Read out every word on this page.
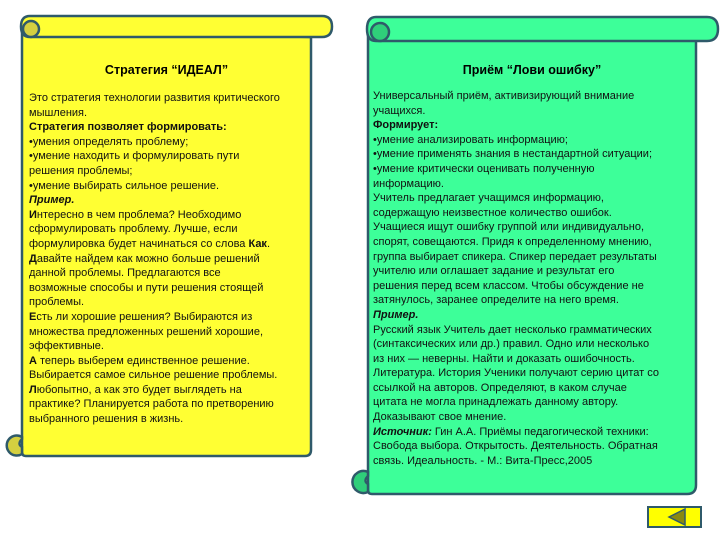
Стратегия “ИДЕАЛ”
Это стратегия технологии развития критического
мышления.
Стратегия позволяет формировать:
•умения определять проблему;
•умение находить и формулировать пути
решения проблемы;
•умение выбирать сильное решение.
Пример.
Интересно в чем проблема? Необходимо
сформулировать проблему. Лучше, если
формулировка будет начинаться со слова Как.
Давайте найдем как можно больше решений
данной проблемы. Предлагаются все
возможные способы и пути решения стоящей
проблемы.
Есть ли хорошие решения? Выбираются из
множества предложенных решений хорошие,
эффективные.
А теперь выберем единственное решение.
Выбирается самое сильное решение проблемы.
Любопытно, а как это будет выглядеть на
практике? Планируется работа по претворению
выбранного решения в жизнь.
Приём “Лови ошибку”
Универсальный приём, активизирующий внимание
учащихся.
Формирует:
•умение анализировать информацию;
•умение применять знания в нестандартной ситуации;
•умение критически оценивать полученную
информацию.
Учитель предлагает учащимся информацию,
содержащую неизвестное количество ошибок.
Учащиеся ищут ошибку группой или индивидуально,
спорят, совещаются. Придя к определенному мнению,
группа выбирает спикера. Спикер передает результаты
учителю или оглашает задание и результат его
решения перед всем классом. Чтобы обсуждение не
затянулось, заранее определите на него время.
Пример.
Русский язык Учитель дает несколько грамматических
(синтаксических или др.) правил. Одно или несколько
из них — неверны. Найти и доказать ошибочность.
Литература. История Ученики получают серию цитат со
ссылкой на авторов. Определяют, в каком случае
цитата не могла принадлежать данному автору.
Доказывают свое мнение.
Источник: Гин А.А. Приёмы педагогической техники:
Свобода выбора. Открытость. Деятельность. Обратная
связь. Идеальность. - М.: Вита-Пресс,2005
